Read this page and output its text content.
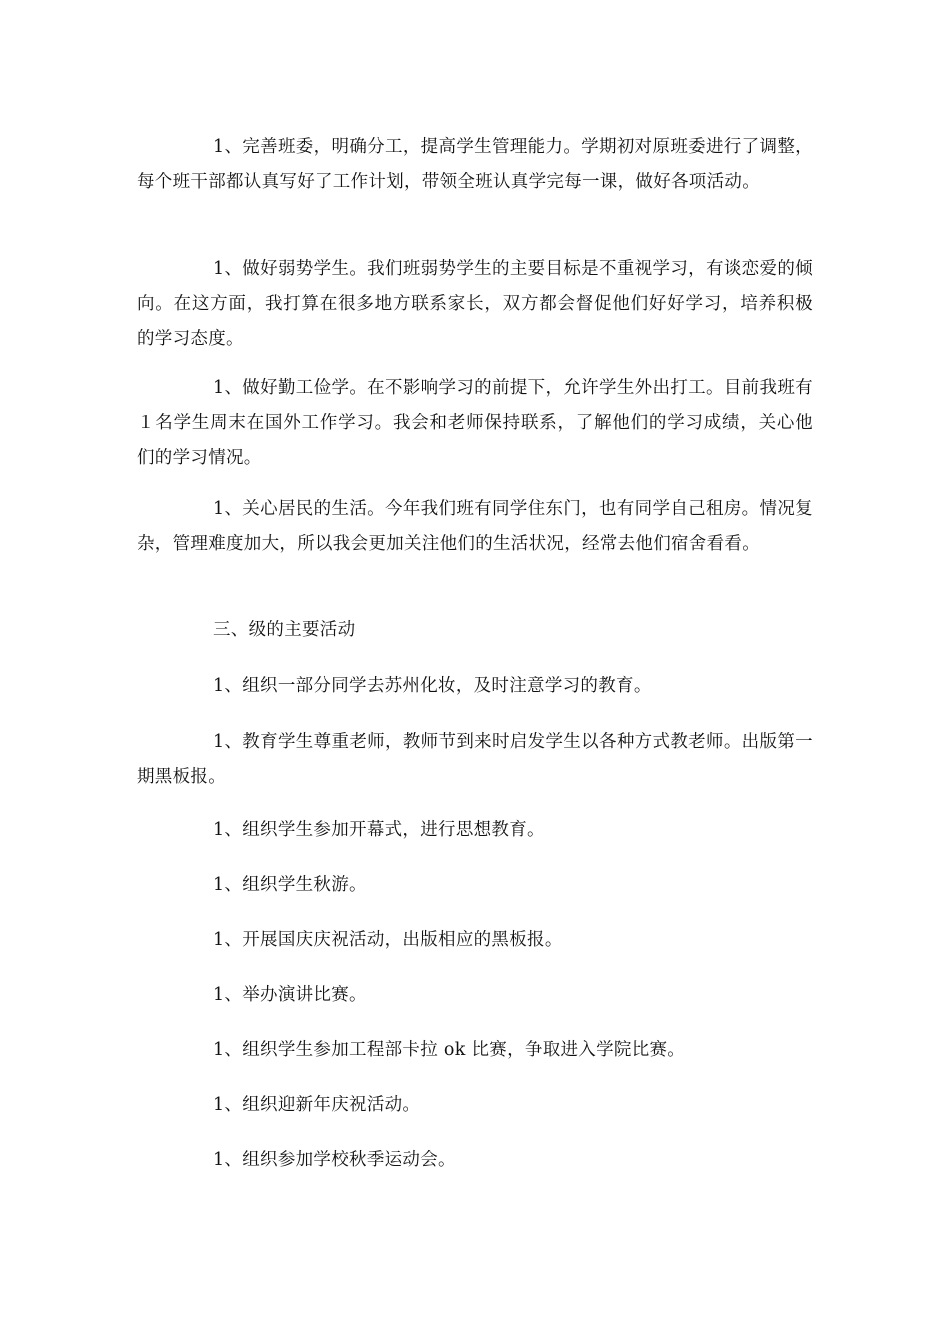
1、完善班委，明确分工，提高学生管理能力。学期初对原班委进行了调整，每个班干部都认真写好了工作计划，带领全班认真学完每一课，做好各项活动。

1、做好弱势学生。我们班弱势学生的主要目标是不重视学习，有谈恋爱的倾向。在这方面，我打算在很多地方联系家长，双方都会督促他们好好学习，培养积极的学习态度。

1、做好勤工俭学。在不影响学习的前提下，允许学生外出打工。目前我班有１名学生周末在国外工作学习。我会和老师保持联系，了解他们的学习成绩，关心他们的学习情况。

1、关心居民的生活。今年我们班有同学住东门，也有同学自己租房。情况复杂，管理难度加大，所以我会更加关注他们的生活状况，经常去他们宿舍看看。

三、级的主要活动

1、组织一部分同学去苏州化妆，及时注意学习的教育。

1、教育学生尊重老师，教师节到来时启发学生以各种方式教老师。出版第一期黑板报。

1、组织学生参加开幕式，进行思想教育。

1、组织学生秋游。

1、开展国庆庆祝活动，出版相应的黑板报。

1、举办演讲比赛。

1、组织学生参加工程部卡拉 ok 比赛，争取进入学院比赛。

1、组织迎新年庆祝活动。

1、组织参加学校秋季运动会。
